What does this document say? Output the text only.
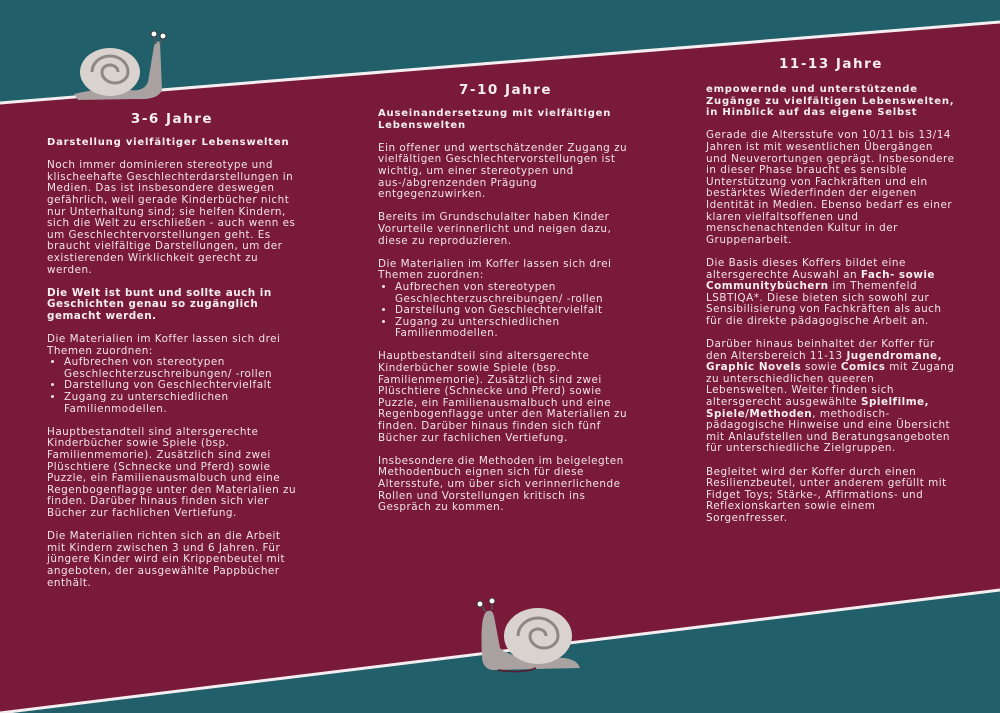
3-6 Jahre
Darstellung vielfältiger Lebenswelten

Noch immer dominieren stereotype und klischeehafte Geschlechterdarstellungen in Medien. Das ist insbesondere deswegen gefährlich, weil gerade Kinderbücher nicht nur Unterhaltung sind; sie helfen Kindern, sich die Welt zu erschließen - auch wenn es um Geschlechtervorstellungen geht. Es braucht vielfältige Darstellungen, um der existierenden Wirklichkeit gerecht zu werden.

Die Welt ist bunt und sollte auch in Geschichten genau so zugänglich gemacht werden.

Die Materialien im Koffer lassen sich drei Themen zuordnen:

• Aufbrechen von stereotypen Geschlechterzuschreibungen/ -rollen
• Darstellung von Geschlechtervielfalt
• Zugang zu unterschiedlichen Familienmodellen.

Hauptbestandteil sind altersgerechte Kinderbücher sowie Spiele (bsp. Familienmemorie). Zusätzlich sind zwei Plüschtiere (Schnecke und Pferd) sowie Puzzle, ein Familienausmalbuch und eine Regenbogenflagge unter den Materialien zu finden. Darüber hinaus finden sich vier Bücher zur fachlichen Vertiefung.

Die Materialien richten sich an die Arbeit mit Kindern zwischen 3 und 6 Jahren. Für jüngere Kinder wird ein Krippenbeutel mit angeboten, der ausgewählte Pappbücher enthält.

7-10 Jahre
Auseinandersetzung mit vielfältigen Lebenswelten

Ein offener und wertschätzender Zugang zu vielfältigen Geschlechtervorstellungen ist wichtig, um einer stereotypen und aus-/abgrenzenden Prägung entgegenzuwirken.

Bereits im Grundschulalter haben Kinder Vorurteile verinnerlicht und neigen dazu, diese zu reproduzieren.

Die Materialien im Koffer lassen sich drei Themen zuordnen:

• Aufbrechen von stereotypen Geschlechterzuschreibungen/ -rollen
• Darstellung von Geschlechtervielfalt
• Zugang zu unterschiedlichen Familienmodellen.

Hauptbestandteil sind altersgerechte Kinderbücher sowie Spiele (bsp. Familienmemorie). Zusätzlich sind zwei Plüschtiere (Schnecke und Pferd) sowie Puzzle, ein Familienausmalbuch und eine Regenbogenflagge unter den Materialien zu finden. Darüber hinaus finden sich fünf Bücher zur fachlichen Vertiefung.

Insbesondere die Methoden im beigelegten Methodenbuch eignen sich für diese Altersstufe, um über sich verinnerlichende Rollen und Vorstellungen kritisch ins Gespräch zu kommen.

11-13 Jahre
empowernde und unterstützende Zugänge zu vielfältigen Lebenswelten, in Hinblick auf das eigene Selbst

Gerade die Altersstufe von 10/11 bis 13/14 Jahren ist mit wesentlichen Übergängen und Neuverortungen geprägt. Insbesondere in dieser Phase braucht es sensible Unterstützung von Fachkräften und ein bestärktes Wiederfinden der eigenen Identität in Medien. Ebenso bedarf es einer klaren vielfaltsoffenen und menschenachtenden Kultur in der Gruppenarbeit.

Die Basis dieses Koffers bildet eine altersgerechte Auswahl an Fach- sowie Communitybüchern im Themenfeld LSBTIQA*. Diese bieten sich sowohl zur Sensibilisierung von Fachkräften als auch für die direkte pädagogische Arbeit an.

Darüber hinaus beinhaltet der Koffer für den Altersbereich 11-13 Jugendromane, Graphic Novels sowie Comics mit Zugang zu unterschiedlichen queeren Lebenswelten. Weiter finden sich altersgerecht ausgewählte Spielfilme, Spiele/Methoden, methodisch-pädagogische Hinweise und eine Übersicht mit Anlaufstellen und Beratungsangeboten für unterschiedliche Zielgruppen.

Begleitet wird der Koffer durch einen Resilienzbeutel, unter anderem gefüllt mit Fidget Toys; Stärke-, Affirmations- und Reflexionskarten sowie einem Sorgenfresser.
